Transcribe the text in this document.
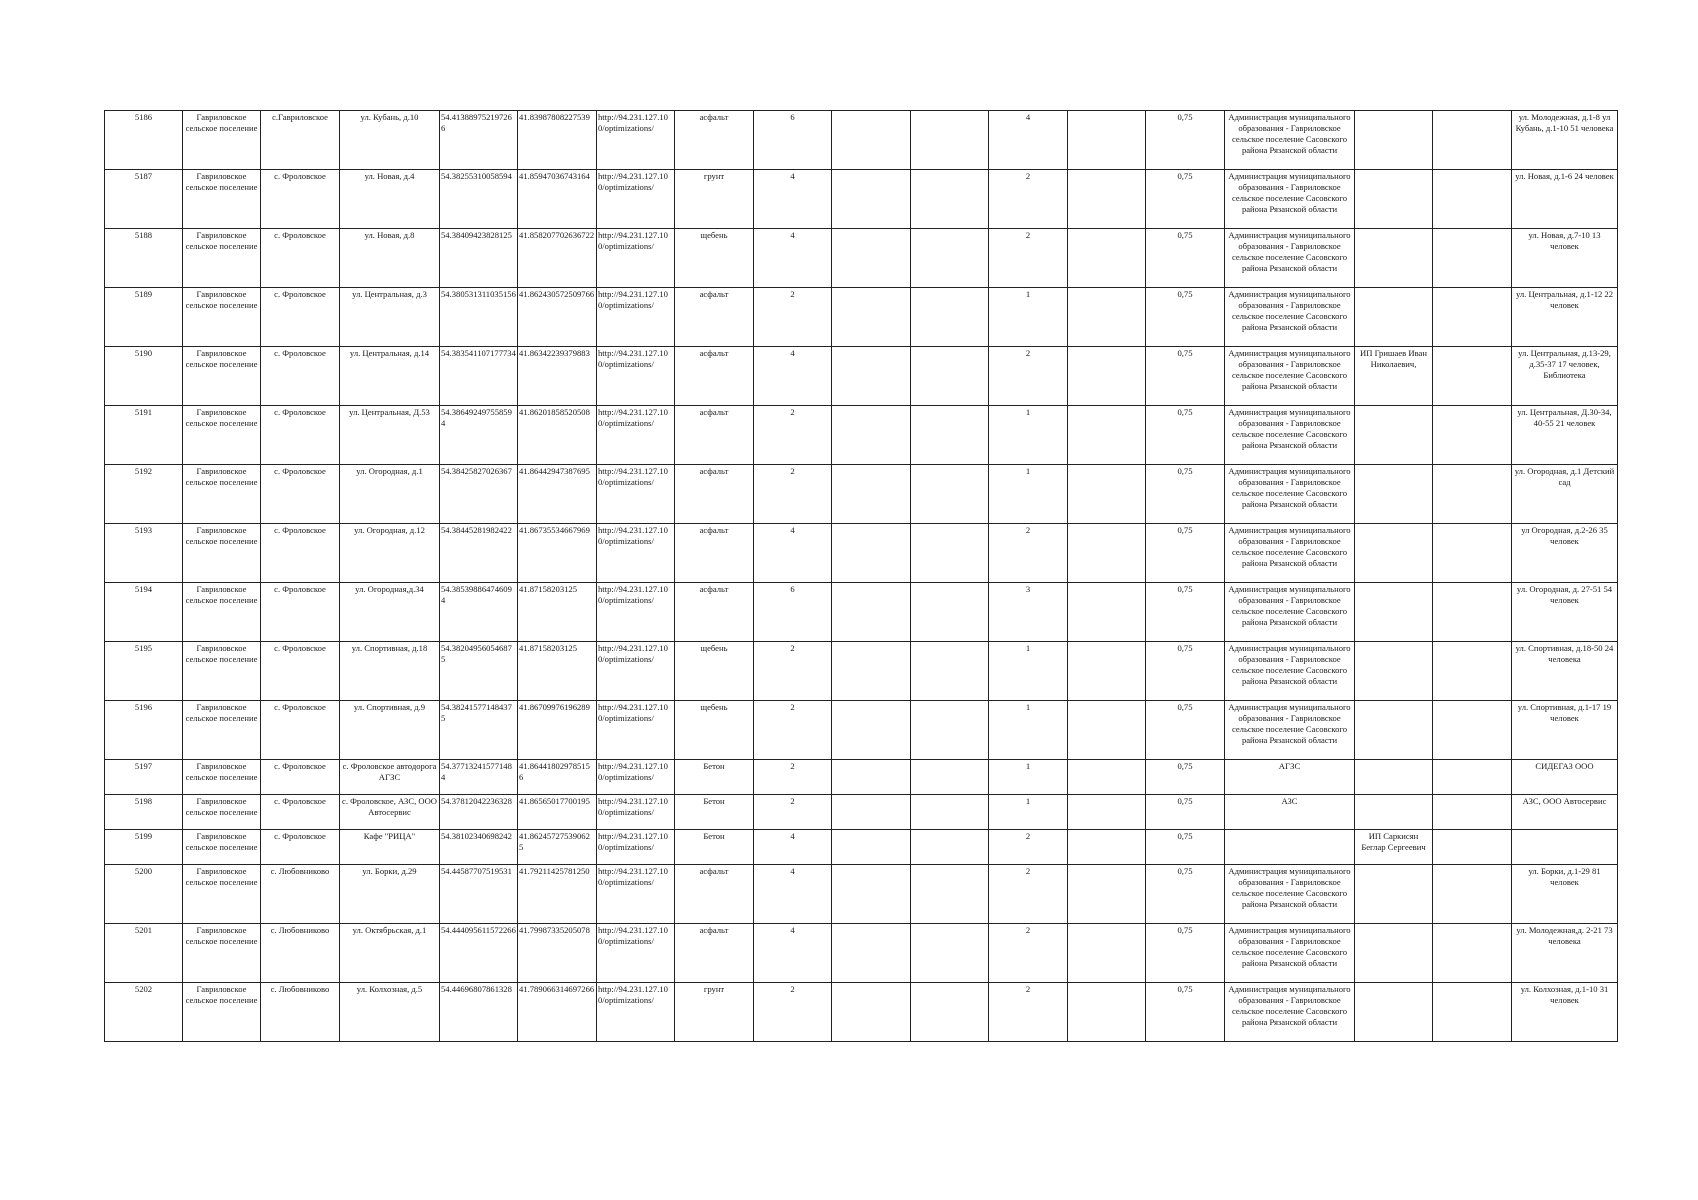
5186	Гавриловское сельское поселение	с.Гавриловское	ул. Кубань, д.10	54.413889752197266	41.83987808227539	http://94.231.127.100/optimizations/	асфальт	6			4		0,75	Администрация муниципального образования - Гавриловское сельское поселение Сасовского района Рязанской области			ул. Молодежная, д.1-8 ул Кубань, д.1-10 51 человека
5187	Гавриловское сельское поселение	с. Фроловское	ул. Новая, д.4	54.38255310058594	41.85947036743164	http://94.231.127.100/optimizations/	грунт	4			2		0,75	Администрация муниципального образования - Гавриловское сельское поселение Сасовского района Рязанской области			ул. Новая, д.1-6 24 человек
5188	Гавриловское сельское поселение	с. Фроловское	ул. Новая, д.8	54.38409423828125	41.858207702636722	http://94.231.127.100/optimizations/	щебень	4			2		0,75	Администрация муниципального образования - Гавриловское сельское поселение Сасовского района Рязанской области			ул. Новая, д.7-10 13 человек
5189	Гавриловское сельское поселение	с. Фроловское	ул. Центральная, д.3	54.380531311035156	41.862430572509766	http://94.231.127.100/optimizations/	асфальт	2			1		0,75	Администрация муниципального образования - Гавриловское сельское поселение Сасовского района Рязанской области			ул. Центральная, д.1-12 22 человек
5190	Гавриловское сельское поселение	с. Фроловское	ул. Центральная, д.14	54.383541107177734	41.86342239379883	http://94.231.127.100/optimizations/	асфальт	4			2		0,75	Администрация муниципального образования - Гавриловское сельское поселение Сасовского района Рязанской области	ИП Гришаев Иван Николаевич,		ул. Центральная, д.13-29, д.35-37 17 человек, Библиотека
5191	Гавриловское сельское поселение	с. Фроловское	ул. Центральная, Д.53	54.38649249755859 4	41.86201858520508	http://94.231.127.100/optimizations/	асфальт	2			1		0,75	Администрация муниципального образования - Гавриловское сельское поселение Сасовского района Рязанской области			ул. Центральная, Д.30-34, 40-55 21 человек
5192	Гавриловское сельское поселение	с. Фроловское	ул. Огородная, д.1	54.38425827026367	41.86442947387695	http://94.231.127.100/optimizations/	асфальт	2			1		0,75	Администрация муниципального образования - Гавриловское сельское поселение Сасовского района Рязанской области			ул. Огородная, д.1 Детский сад
5193	Гавриловское сельское поселение	с. Фроловское	ул. Огородная, д.12	54.38445281982422	41.86735534667969	http://94.231.127.100/optimizations/	асфальт	4			2		0,75	Администрация муниципального образования - Гавриловское сельское поселение Сасовского района Рязанской области			ул Огородная, д.2-26 35 человек
5194	Гавриловское сельское поселение	с. Фроловское	ул. Огородная,д.34	54.38539886474609 4	41.87158203125	http://94.231.127.100/optimizations/	асфальт	6			3		0,75	Администрация муниципального образования - Гавриловское сельское поселение Сасовского района Рязанской области			ул. Огородная, д. 27-51 54 человек
5195	Гавриловское сельское поселение	с. Фроловское	ул. Спортивная, д.18	54.38204956054687 5	41.87158203125	http://94.231.127.100/optimizations/	щебень	2			1		0,75	Администрация муниципального образования - Гавриловское сельское поселение Сасовского района Рязанской области			ул. Спортивная, д.18-50 24 человека
5196	Гавриловское сельское поселение	с. Фроловское	ул. Спортивная, д.9	54.38241577148437 5	41.86709976196289	http://94.231.127.100/optimizations/	щебень	2			1		0,75	Администрация муниципального образования - Гавриловское сельское поселение Сасовского района Рязанской области			ул. Спортивная, д.1-17 19 человек
5197	Гавриловское сельское поселение	с. Фроловское	с. Фроловское автодорога АГЗС	54.37713241577148 4	41.86441802978515 6	http://94.231.127.100/optimizations/	Бетон	2			1		0,75	АГЗС			СИДЕГАЗ ООО
5198	Гавриловское сельское поселение	с. Фроловское	с. Фроловское, АЗС, ООО Автосервис	54.37812042236328	41.86565017700195	http://94.231.127.100/optimizations/	Бетон	2			1		0,75	АЗС			АЗС, ООО Автосервис
5199	Гавриловское сельское поселение	с. Фроловское	Кафе "РИЦА"	54.38102340698242	41.86245727539062 5	http://94.231.127.100/optimizations/	Бетон	4			2		0,75		ИП Саркисян Беглар Сергеевич		
5200	Гавриловское сельское поселение	с. Любовниково	ул. Борки, д.29	54.44587707519531	41.79211425781250	http://94.231.127.100/optimizations/	асфальт	4			2		0,75	Администрация муниципального образования - Гавриловское сельское поселение Сасовского района Рязанской области			ул. Борки, д.1-29 81 человек
5201	Гавриловское сельское поселение	с. Любовниково	ул. Октябрьская, д.1	54.444095611572266	41.79987335205078	http://94.231.127.100/optimizations/	асфальт	4			2		0,75	Администрация муниципального образования - Гавриловское сельское поселение Сасовского района Рязанской области			ул. Молодежная,д. 2-21 73 человека
5202	Гавриловское сельское поселение	с. Любовниково	ул. Колхозная, д.5	54.44696807861328	41.789066314697266	http://94.231.127.100/optimizations/	грунт	2			2		0,75	Администрация муниципального образования - Гавриловское сельское поселение Сасовского района Рязанской области			ул. Колхозная, д.1-10 31 человек
